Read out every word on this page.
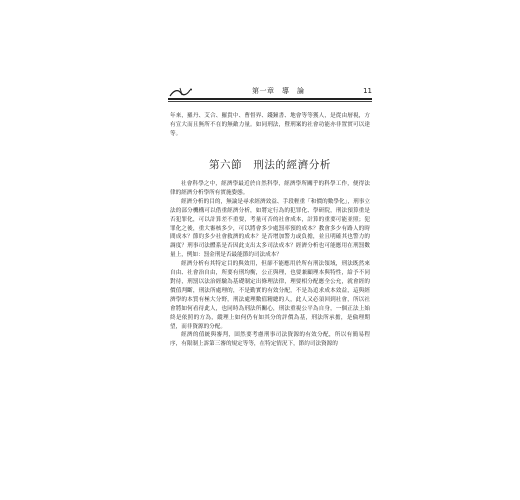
第一章　導　論	11

年來，羅丹、艾合、羅貴中、曹督界、錢鐘書、地會等等獲人，是從由層視，方有宣大而且無所不在的無敵力量。如同刑法，暨刑案的社會功能亦非置實可以達等。

第六節　刑法的經濟分析

社會科學之中，經濟學最近於自然科學，經濟學所關乎的科學工作，便得法律的經濟分析學所有實施姿態。

經濟分析的目的，無論是尋求經濟效益、手段輕重「和價的數學化」，刑事立法的部分機構可以借重經濟分析，如將定行為的犯罪化、學研院，刑法預算重是否犯罪化，可以計算差不重要，考量可否的社會成本，計算的重要可能並照；犯罪化之後，重大審核多少，可以將會多少處罰率預的成本？教會多少有路人的時間成本？節約多少社會救濟的成本？是否增加警力或負擔，並且明確其也警力的調度？刑事司法體系是否因此支出太多司法成本？經濟分析也可能應用在刑罰數量上，例如：罰金刑是否最能節約司法成本？

經濟分析有其特定目的與效用，但卻不能應用於所有刑法領域，刑法既然來自由、社會治自由，所要有刑均衡，公正與理，也要兼顧理本與特性，給予不同對待，刑罰以法治經驗為基礎制定出條理法律，理要相分配應全公允，就會經的價值判斷，刑法所處理的，不是勤實的有效分配，不是為追求成本效益，這與經濟學的本質有極大分野，刑法處理數值精總的人，此人又必須回到社會，所以社會將如何看待此人，也同時為刑法所關心，刑法重視公平為自身，一個正法上始終是依照的方為，縱理上如何仍有如其分的評價為基，刑法所承擔，是倫理期望，而非資源的分配。

經濟的值統與審判，固然要考慮刑事司法資源的有效分配，所以有簡易程序，有限制上訴第三審的規定等等，在特定情況下，節約司法資源的
